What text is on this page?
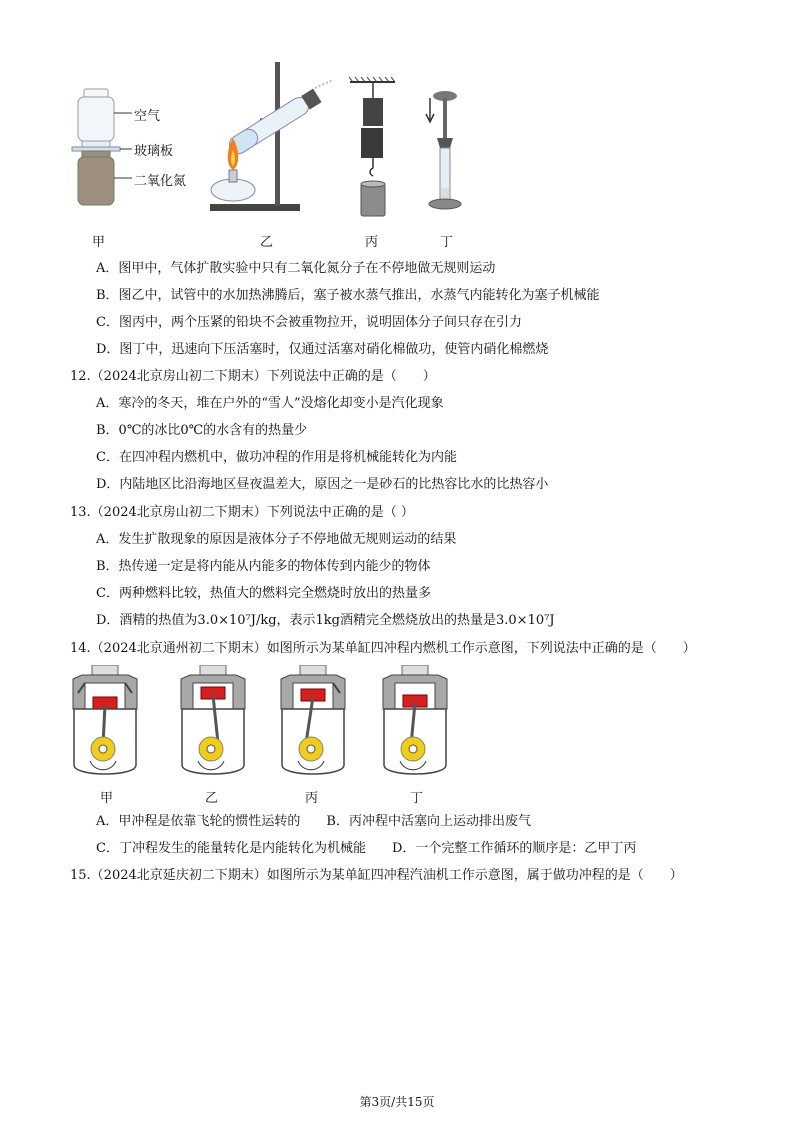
空气
玻璃板
二氧化氮
甲	乙	丙	丁
A．图甲中，气体扩散实验中只有二氧化氮分子在不停地做无规则运动
B．图乙中，试管中的水加热沸腾后，塞子被水蒸气推出，水蒸气内能转化为塞子机械能
C．图丙中，两个压紧的铅块不会被重物拉开，说明固体分子间只存在引力
D．图丁中，迅速向下压活塞时，仅通过活塞对硝化棉做功，使管内硝化棉燃烧
12.（2024北京房山初二下期末）下列说法中正确的是（　　）
A．寒冷的冬天，堆在户外的“雪人”没熔化却变小是汽化现象
B．0℃的冰比0℃的水含有的热量少
C．在四冲程内燃机中，做功冲程的作用是将机械能转化为内能
D．内陆地区比沿海地区昼夜温差大，原因之一是砂石的比热容比水的比热容小
13.（2024北京房山初二下期末）下列说法中正确的是（ ）
A．发生扩散现象的原因是液体分子不停地做无规则运动的结果
B．热传递一定是将内能从内能多的物体传到内能少的物体
C．两种燃料比较，热值大的燃料完全燃烧时放出的热量多
D．酒精的热值为3.0×10⁷J/kg，表示1kg酒精完全燃烧放出的热量是3.0×10⁷J
14.（2024北京通州初二下期末）如图所示为某单缸四冲程内燃机工作示意图，下列说法中正确的是（　　）
甲	乙	丙	丁
A．甲冲程是依靠飞轮的惯性运转的　　B．丙冲程中活塞向上运动排出废气
C．丁冲程发生的能量转化是内能转化为机械能　　D．一个完整工作循环的顺序是：乙甲丁丙
15.（2024北京延庆初二下期末）如图所示为某单缸四冲程汽油机工作示意图，属于做功冲程的是（　　）
第3页/共15页
